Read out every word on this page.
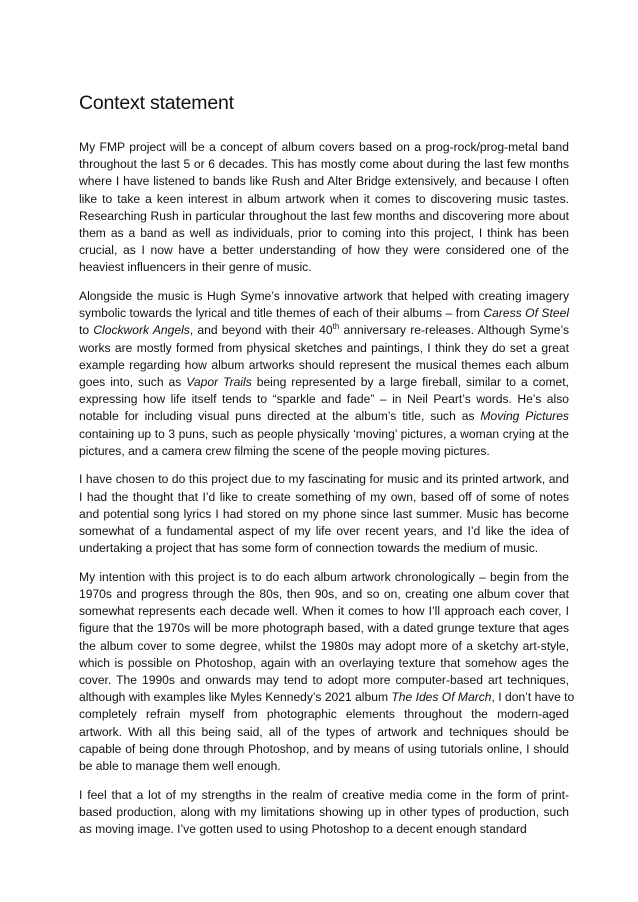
Context statement

My FMP project will be a concept of album covers based on a prog-rock/prog-metal band
throughout the last 5 or 6 decades. This has mostly come about during the last few months
where I have listened to bands like Rush and Alter Bridge extensively, and because I often
like to take a keen interest in album artwork when it comes to discovering music tastes.
Researching Rush in particular throughout the last few months and discovering more about
them as a band as well as individuals, prior to coming into this project, I think has been
crucial, as I now have a better understanding of how they were considered one of the
heaviest influencers in their genre of music.

Alongside the music is Hugh Syme’s innovative artwork that helped with creating imagery
symbolic towards the lyrical and title themes of each of their albums – from Caress Of Steel
to Clockwork Angels, and beyond with their 40th anniversary re-releases. Although Syme’s
works are mostly formed from physical sketches and paintings, I think they do set a great
example regarding how album artworks should represent the musical themes each album
goes into, such as Vapor Trails being represented by a large fireball, similar to a comet,
expressing how life itself tends to “sparkle and fade” – in Neil Peart’s words. He’s also
notable for including visual puns directed at the album’s title, such as Moving Pictures
containing up to 3 puns, such as people physically ‘moving’ pictures, a woman crying at the
pictures, and a camera crew filming the scene of the people moving pictures.

I have chosen to do this project due to my fascinating for music and its printed artwork, and
I had the thought that I’d like to create something of my own, based off of some of notes
and potential song lyrics I had stored on my phone since last summer. Music has become
somewhat of a fundamental aspect of my life over recent years, and I’d like the idea of
undertaking a project that has some form of connection towards the medium of music.

My intention with this project is to do each album artwork chronologically – begin from the
1970s and progress through the 80s, then 90s, and so on, creating one album cover that
somewhat represents each decade well. When it comes to how I’ll approach each cover, I
figure that the 1970s will be more photograph based, with a dated grunge texture that ages
the album cover to some degree, whilst the 1980s may adopt more of a sketchy art-style,
which is possible on Photoshop, again with an overlaying texture that somehow ages the
cover. The 1990s and onwards may tend to adopt more computer-based art techniques,
although with examples like Myles Kennedy’s 2021 album The Ides Of March, I don’t have to
completely refrain myself from photographic elements throughout the modern-aged
artwork. With all this being said, all of the types of artwork and techniques should be
capable of being done through Photoshop, and by means of using tutorials online, I should
be able to manage them well enough.

I feel that a lot of my strengths in the realm of creative media come in the form of print-
based production, along with my limitations showing up in other types of production, such
as moving image. I’ve gotten used to using Photoshop to a decent enough standard
